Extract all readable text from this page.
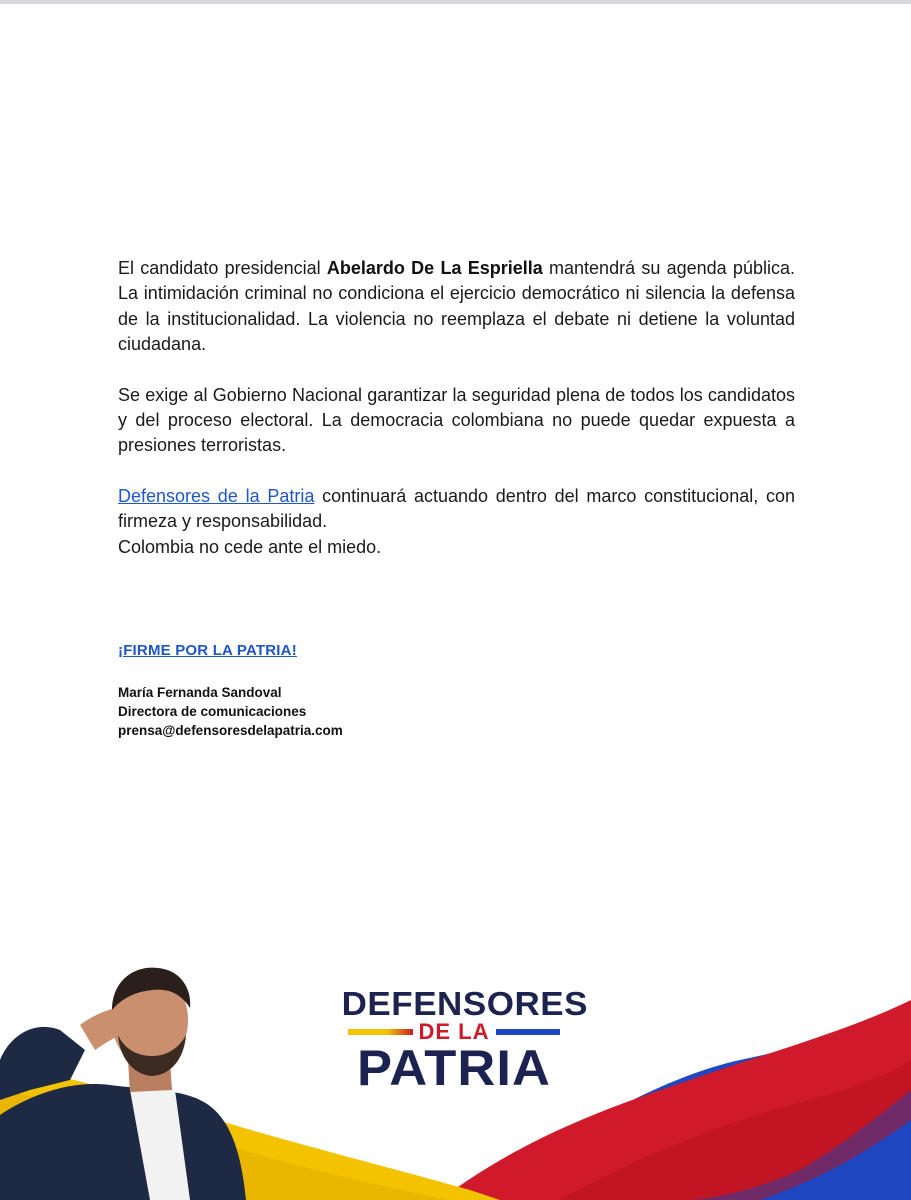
El candidato presidencial Abelardo De La Espriella mantendrá su agenda pública. La intimidación criminal no condiciona el ejercicio democrático ni silencia la defensa de la institucionalidad. La violencia no reemplaza el debate ni detiene la voluntad ciudadana.

Se exige al Gobierno Nacional garantizar la seguridad plena de todos los candidatos y del proceso electoral. La democracia colombiana no puede quedar expuesta a presiones terroristas.

Defensores de la Patria continuará actuando dentro del marco constitucional, con firmeza y responsabilidad.

Colombia no cede ante el miedo.

¡FIRME POR LA PATRIA!
María Fernanda Sandoval
Directora de comunicaciones
prensa@defensoresdelapatria.com
DEFENSORES
DE LA
PATRIA
